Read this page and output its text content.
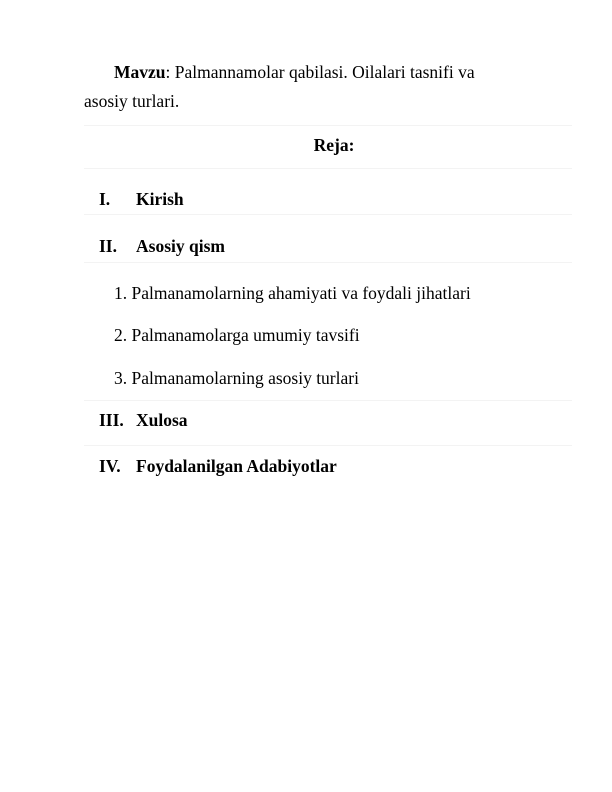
Mavzu: Palmannamolar qabilasi. Oilalari tasnifi va
asosiy turlari.
Reja:
I. Kirish
II. Asosiy qism
1. Palmanamolarning ahamiyati va foydali jihatlari
2. Palmanamolarga umumiy tavsifi
3. Palmanamolarning asosiy turlari
III. Xulosa
IV. Foydalanilgan Adabiyotlar
